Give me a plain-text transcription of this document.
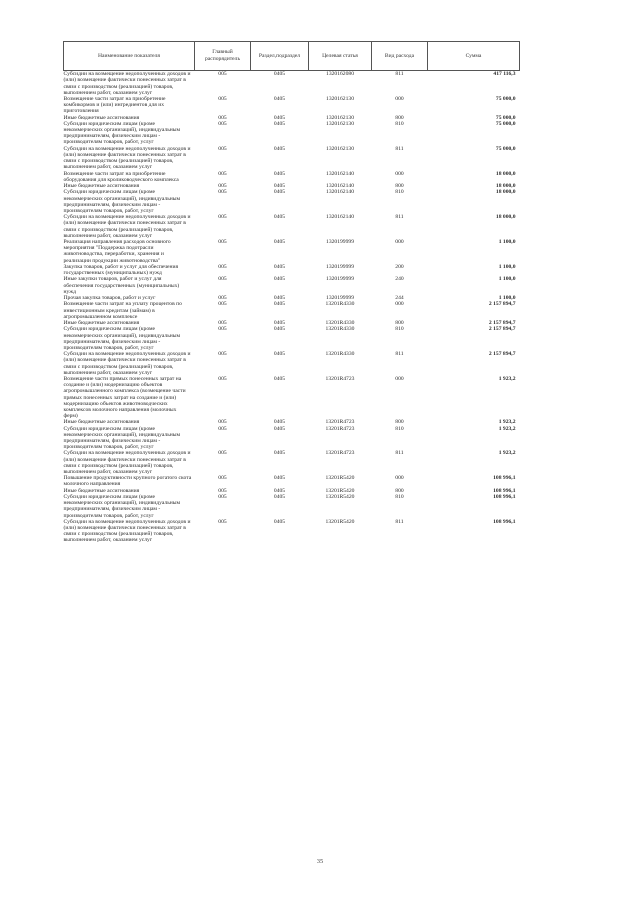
Наименование показателя	Главный распорядитель	Раздел,подраздел	Целевая статья	Вид расхода	Сумма
Субсидии на возмещение недополученных доходов и (или) возмещение фактически понесенных затрат в связи с производством (реализацией) товаров, выполнением работ, оказанием услуг	005	0405	1320162080	811	417 116,3
Возмещение части затрат на приобретение комбикормов и (или) ингредиентов для их приготовления	005	0405	1320162130	000	75 000,0
Иные бюджетные ассигнования	005	0405	1320162130	800	75 000,0
Субсидии юридическим лицам (кроме некоммерческих организаций), индивидуальным предпринимателям, физическим лицам - производителям товаров, работ, услуг	005	0405	1320162130	810	75 000,0
Субсидии на возмещение недополученных доходов и (или) возмещение фактически понесенных затрат в связи с производством (реализацией) товаров, выполнением работ, оказанием услуг	005	0405	1320162130	811	75 000,0
Возмещение части затрат на приобретение оборудования для кролиководческого комплекса	005	0405	1320162140	000	18 000,0
Иные бюджетные ассигнования	005	0405	1320162140	800	18 000,0
Субсидии юридическим лицам (кроме некоммерческих организаций), индивидуальным предпринимателям, физическим лицам - производителям товаров, работ, услуг	005	0405	1320162140	810	18 000,0
Субсидии на возмещение недополученных доходов и (или) возмещение фактически понесенных затрат в связи с производством (реализацией) товаров, выполнением работ, оказанием услуг	005	0405	1320162140	811	18 000,0
Реализация направления расходов основного мероприятия "Поддержка подотрасли животноводства, переработки, хранения и реализации продукции животноводства"	005	0405	1320199999	000	1 100,0
Закупка товаров, работ и услуг для обеспечения государственных (муниципальных) нужд	005	0405	1320199999	200	1 100,0
Иные закупки товаров, работ и услуг для обеспечения государственных (муниципальных) нужд	005	0405	1320199999	240	1 100,0
Прочая закупка товаров, работ и услуг	005	0405	1320199999	244	1 100,0
Возмещение части затрат на уплату процентов по инвестиционным кредитам (займам) в агропромышленном комплексе	005	0405	13201R4330	000	2 157 894,7
Иные бюджетные ассигнования	005	0405	13201R4330	800	2 157 894,7
Субсидии юридическим лицам (кроме некоммерческих организаций), индивидуальным предпринимателям, физическим лицам - производителям товаров, работ, услуг	005	0405	13201R4330	810	2 157 894,7
Субсидии на возмещение недополученных доходов и (или) возмещение фактически понесенных затрат в связи с производством (реализацией) товаров, выполнением работ, оказанием услуг	005	0405	13201R4330	811	2 157 894,7
Возмещение части прямых понесенных затрат на создание и (или) модернизацию объектов агропромышленного комплекса (возмещение части прямых понесенных затрат на создание и (или) модернизацию объектов животноводческих комплексов молочного направления (молочных ферм)	005	0405	13201R4723	000	1 923,2
Иные бюджетные ассигнования	005	0405	13201R4723	800	1 923,2
Субсидии юридическим лицам (кроме некоммерческих организаций), индивидуальным предпринимателям, физическим лицам - производителям товаров, работ, услуг	005	0405	13201R4723	810	1 923,2
Субсидии на возмещение недополученных доходов и (или) возмещение фактически понесенных затрат в связи с производством (реализацией) товаров, выполнением работ, оказанием услуг	005	0405	13201R4723	811	1 923,2
Повышение продуктивности крупного рогатого скота молочного направления	005	0405	13201R5420	000	108 996,1
Иные бюджетные ассигнования	005	0405	13201R5420	800	108 996,1
Субсидии юридическим лицам (кроме некоммерческих организаций), индивидуальным предпринимателям, физическим лицам - производителям товаров, работ, услуг	005	0405	13201R5420	810	108 996,1
Субсидии на возмещение недополученных доходов и (или) возмещение фактически понесенных затрат в связи с производством (реализацией) товаров, выполнением работ, оказанием услуг	005	0405	13201R5420	811	108 996,1
35
